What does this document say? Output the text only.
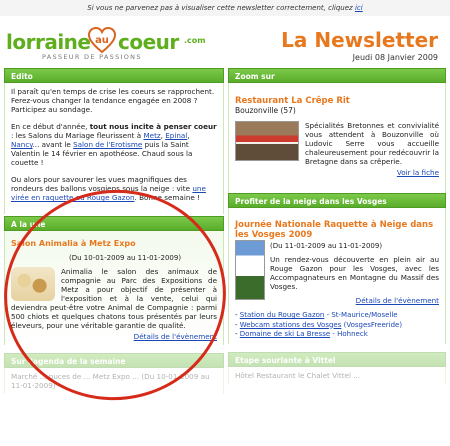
Si vous ne parvenez pas à visualiser cette newsletter correctement, cliquez ici
lorraine au coeur .com
PASSEUR DE PASSIONS
La Newsletter
Jeudi 08 Janvier 2009
Edito

Il paraît qu'en temps de crise les coeurs se rapprochent. Ferez-vous changer la tendance engagée en 2008 ? Participez au sondage.

En ce début d'année, tout nous incite à penser coeur : les Salons du Mariage fleurissent à Metz, Epinal, Nancy... avant le Salon de l'Erotisme puis la Saint Valentin le 14 février en apothéose. Chaud sous la couette !

Ou alors pour savourer les vues magnifiques des rondeurs des ballons vosgiens sous la neige : vite une virée en raquette au Rouge Gazon. Bonne semaine !

A la une
Salon Animalia à Metz Expo
(Du 10-01-2009 au 11-01-2009)
Animalia le salon des animaux de compagnie au Parc des Expositions de Metz a pour objectif de présenter à l'exposition et à la vente, celui qui deviendra peut-être votre Animal de Compagnie : parmi 500 chiots et quelques chatons tous présentés par leurs éleveurs, pour une véritable garantie de qualité.
Détails de l'évènement
Sur l'agenda de la semaine
Marché ... puces de ... Metz Expo ... (Du 10-01-2009 au 11-01-2009)
Zoom sur
Restaurant La Crêpe Rit
Bouzonville (57)
Spécialités Bretonnes et convivialité vous attendent à Bouzonville où Ludovic Serre vous accueille chaleureusement pour redécouvrir la Bretagne dans sa crêperie.
Voir la fiche
Profiter de la neige dans les Vosges
Journée Nationale Raquette à Neige dans les Vosges 2009
(Du 11-01-2009 au 11-01-2009)
Un rendez-vous découverte en plein air au Rouge Gazon pour les Vosges, avec les Accompagnateurs en Montagne du Massif des Vosges.
Détails de l'évènement
- Station du Rouge Gazon - St-Maurice/Moselle
- Webcam stations des Vosges (VosgesFreeride)
- Domaine de ski La Bresse - Hohneck
Etape souriante à Vittel
Hôtel Restaurant le Chalet Vittel ...
